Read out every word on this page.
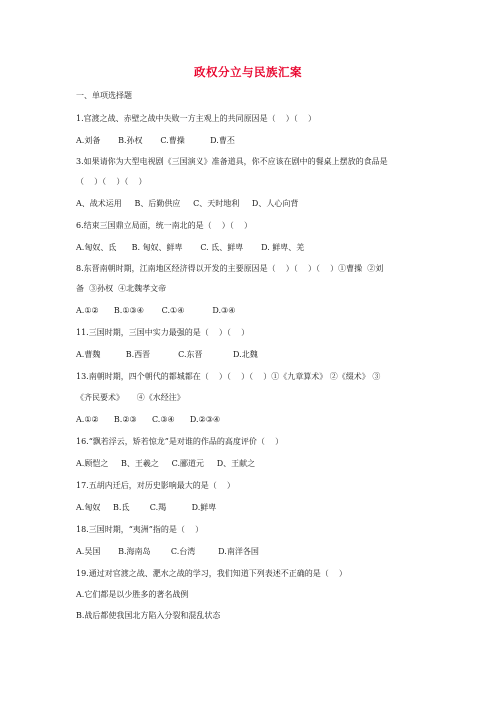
政权分立与民族汇案
一、单项选择题
1.官渡之战、赤壁之战中失败一方主观上的共同原因是（    ）（    ）
A.刘备       B.孙权       C.曹操          D.曹丕
3.如果请你为大型电视剧《三国演义》准备道具，你不应该在剧中的餐桌上摆放的食品是
（    ）（    ）（    ）
A、战术运用     B、后勤供应     C、天时地利     D、人心向背
6.结束三国鼎立局面，统一南北的是（    ）（    ）
A.匈奴、氐      B. 匈奴、鲜卑       C. 氐、鲜卑       D. 鲜卑、羌
8.东晋南朝时期，江南地区经济得以开发的主要原因是（    ）（    ）（    ）①曹操  ②刘
备  ③孙权  ④北魏孝文帝
A.①②      B.①③④       C.①④           D.③④
11.三国时期，三国中实力最强的是（    ）（    ）
A.曹魏          B.西晋           C.东晋            D.北魏
13.南朝时期，四个朝代的都城都在（    ）（    ）（    ）①《九章算术》 ②《缀术》 ③
《齐民要术》     ④《水经注》
A.①②      B.②③      C.③④      D.②③④
16.“飘若浮云，矫若惊龙”是对谁的作品的高度评价（    ）
A.顾恺之     B、王羲之     C.郦道元     D、王献之
17.五胡内迁后，对历史影响最大的是（    ）
A.匈奴     B.氐        C.羯          D.鲜卑
18.三国时期，“夷洲”指的是（    ）
A.吴国       B.海南岛        C.台湾         D.南洋各国
19.通过对官渡之战、淝水之战的学习，我们知道下列表述不正确的是（    ）
A.它们都是以少胜多的著名战例
B.战后都使我国北方陷入分裂和混乱状态
